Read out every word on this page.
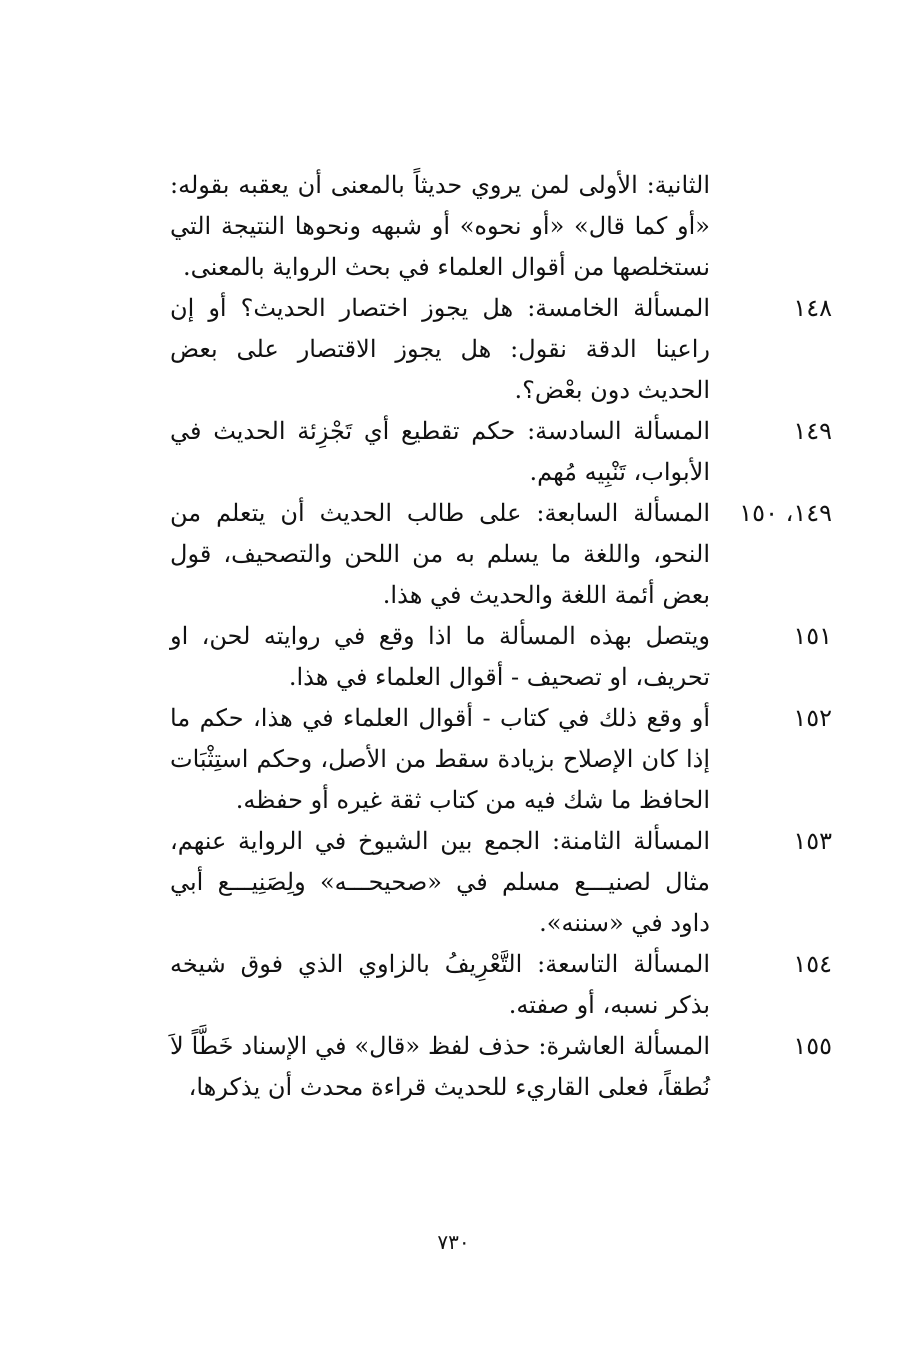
الثانية: الأولى لمن يروي حديثاً بالمعنى أن يعقبه بقوله: «أو كما قال» «أو نحوه» أو شبهه ونحوها النتيجة التي نستخلصها من أقوال العلماء في بحث الرواية بالمعنى.
١٤٨
المسألة الخامسة: هل يجوز اختصار الحديث؟ أو إن راعينا الدقة نقول: هل يجوز الاقتصار على بعض الحديث دون بعْض؟.
١٤٩
المسألة السادسة: حكم تقطيع أي تَجْزِئة الحديث في الأبواب، تَنْبِيه مُهم.
١٤٩، ١٥٠
المسألة السابعة: على طالب الحديث أن يتعلم من النحو، واللغة ما يسلم به من اللحن والتصحيف، قول بعض أئمة اللغة والحديث في هذا.
١٥١
ويتصل بهذه المسألة ما اذا وقع في روايته لحن، او تحريف، او تصحيف - أقوال العلماء في هذا.
١٥٢
أو وقع ذلك في كتاب - أقوال العلماء في هذا، حكم ما إذا كان الإصلاح بزيادة سقط من الأصل، وحكم استِثْبَات الحافظ ما شك فيه من كتاب ثقة غيره أو حفظه.
١٥٣
المسألة الثامنة: الجمع بين الشيوخ في الرواية عنهم، مثال لصنيـــع مسلم في «صحيحـــه» ولِصَنِيـــع أبي داود في «سننه».
١٥٤
المسألة التاسعة: التَّعْرِيفُ بالزاوي الذي فوق شيخه بذكر نسبه، أو صفته.
١٥٥
المسألة العاشرة: حذف لفظ «قال» في الإسناد خَطَّاً لاَ نُطقاً، فعلى القاريء للحديث قراءة محدث أن يذكرها،
٧٣٠
